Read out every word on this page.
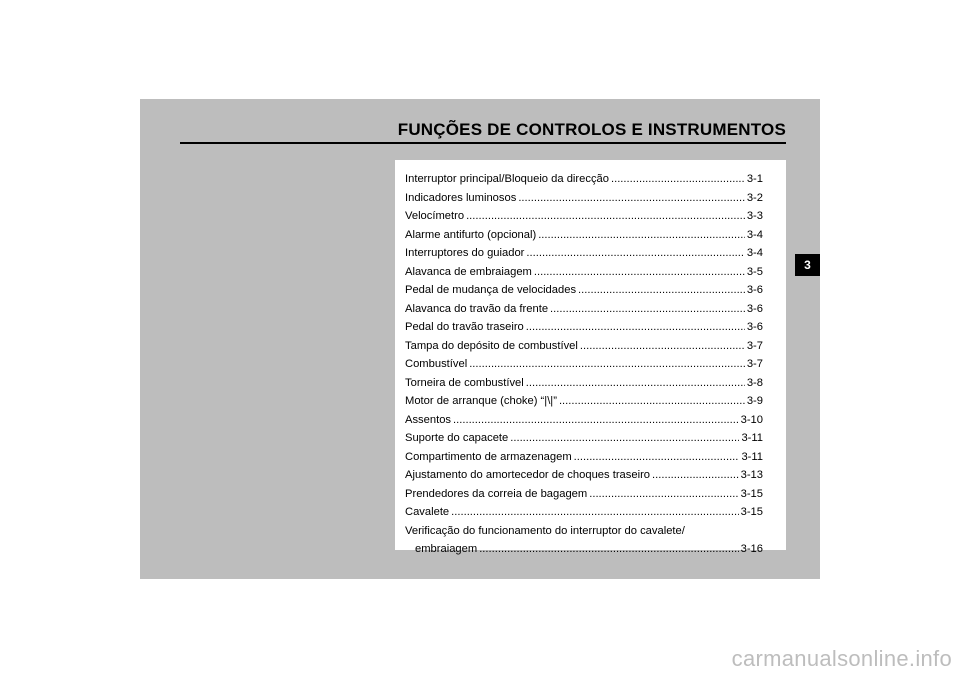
FUNÇÕES DE CONTROLOS E INSTRUMENTOS
Interruptor principal/Bloqueio da direcção .....	3-1
Indicadores luminosos .....	3-2
Velocímetro .....	3-3
Alarme antifurto (opcional) .....	3-4
Interruptores do guiador .....	3-4
Alavanca de embraiagem .....	3-5
Pedal de mudança de velocidades .....	3-6
Alavanca do travão da frente .....	3-6
Pedal do travão traseiro .....	3-6
Tampa do depósito de combustível .....	3-7
Combustível .....	3-7
Torneira de combustível .....	3-8
Motor de arranque (choke) “|\|” .....	3-9
Assentos .....	3-10
Suporte do capacete .....	3-11
Compartimento de armazenagem .....	3-11
Ajustamento do amortecedor de choques traseiro .....	3-13
Prendedores da correia de bagagem .....	3-15
Cavalete .....	3-15
Verificação do funcionamento do interruptor do cavalete/
embraiagem .....	3-16
3
carmanualsonline.info
